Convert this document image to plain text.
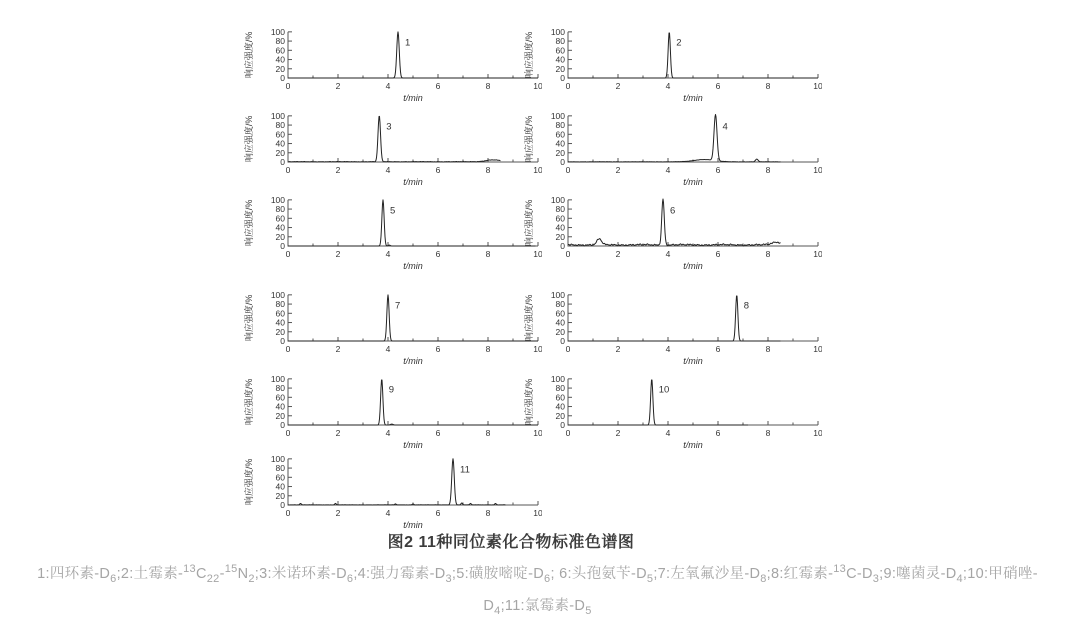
0
20
40
60
80
100
0	2	4	6	8	10
1
t/min
响应强度/%	0
20
40
60
80
100
0	2	4	6	8	10
2
t/min
响应强度/%
0
20
40
60
80
100
0	2	4	6	8	10
3
t/min
响应强度/%	0
20
40
60
80
100
0	2	4	6	8	10
4
t/min
响应强度/%
0
20
40
60
80
100
0	2	4	6	8	10
5
t/min
响应强度/%	0
20
40
60
80
100
0	2	4	6	8	10
6
t/min
响应强度/%
0
20
40
60
80
100
0	2	4	6	8	10
7
t/min
响应强度/%	0
20
40
60
80
100
0	2	4	6	8	10
8
t/min
响应强度/%
0
20
40
60
80
100
0	2	4	6	8	10
9
t/min
响应强度/%	0
20
40
60
80
100
0	2	4	6	8	10
10
t/min
响应强度/%
0
20
40
60
80
100
0	2	4	6	8	10
11
t/min
响应强度/%
图2 11种同位素化合物标准色谱图
1:四环素$-D_6;2$:土霉素$-^{13}C_{22}-^{15}N_2;3$:米诺环素$-D_6;4$:强力霉素$-D_3;5$:磺胺嘧啶$-D_6$; 6:头孢氨苄$-D_5;7$:左氧氟沙星$-D_8;8$:红霉素$-^{13}C-D_3;9$:噻菌灵$-D_4;10$:甲硝唑-
$D_4;11$:氯霉素$-D_5$
